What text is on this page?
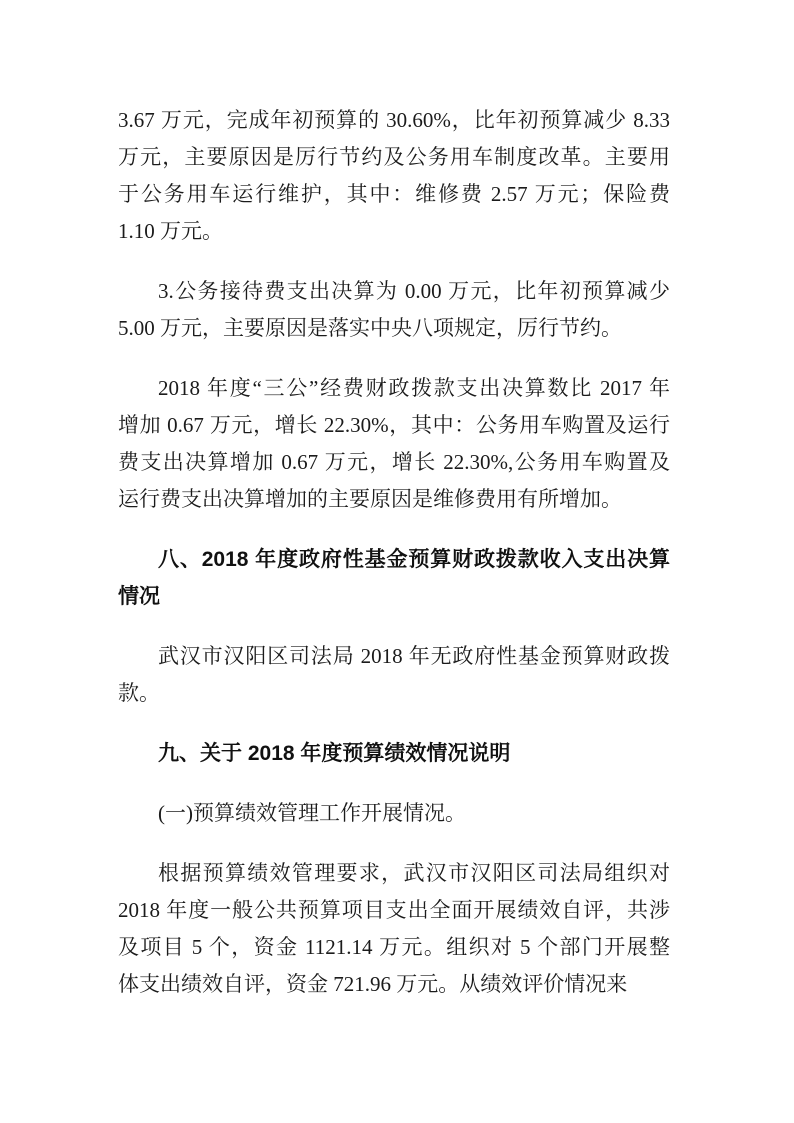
3.67 万元，完成年初预算的 30.60%，比年初预算减少 8.33
万元，主要原因是厉行节约及公务用车制度改革。主要用
于公务用车运行维护，其中：维修费 2.57 万元；保险费
1.10 万元。
3.公务接待费支出决算为 0.00 万元，比年初预算减少
5.00 万元，主要原因是落实中央八项规定，厉行节约。
2018 年度“三公”经费财政拨款支出决算数比 2017 年
增加 0.67 万元，增长 22.30%，其中：公务用车购置及运行
费支出决算增加 0.67 万元，增长 22.30%,公务用车购置及
运行费支出决算增加的主要原因是维修费用有所增加。
八、2018 年度政府性基金预算财政拨款收入支出决算
情况
武汉市汉阳区司法局 2018 年无政府性基金预算财政拨
款。
九、关于 2018 年度预算绩效情况说明
(一)预算绩效管理工作开展情况。
根据预算绩效管理要求，武汉市汉阳区司法局组织对
2018 年度一般公共预算项目支出全面开展绩效自评，共涉
及项目 5 个，资金 1121.14 万元。组织对 5 个部门开展整
体支出绩效自评，资金 721.96 万元。从绩效评价情况来
